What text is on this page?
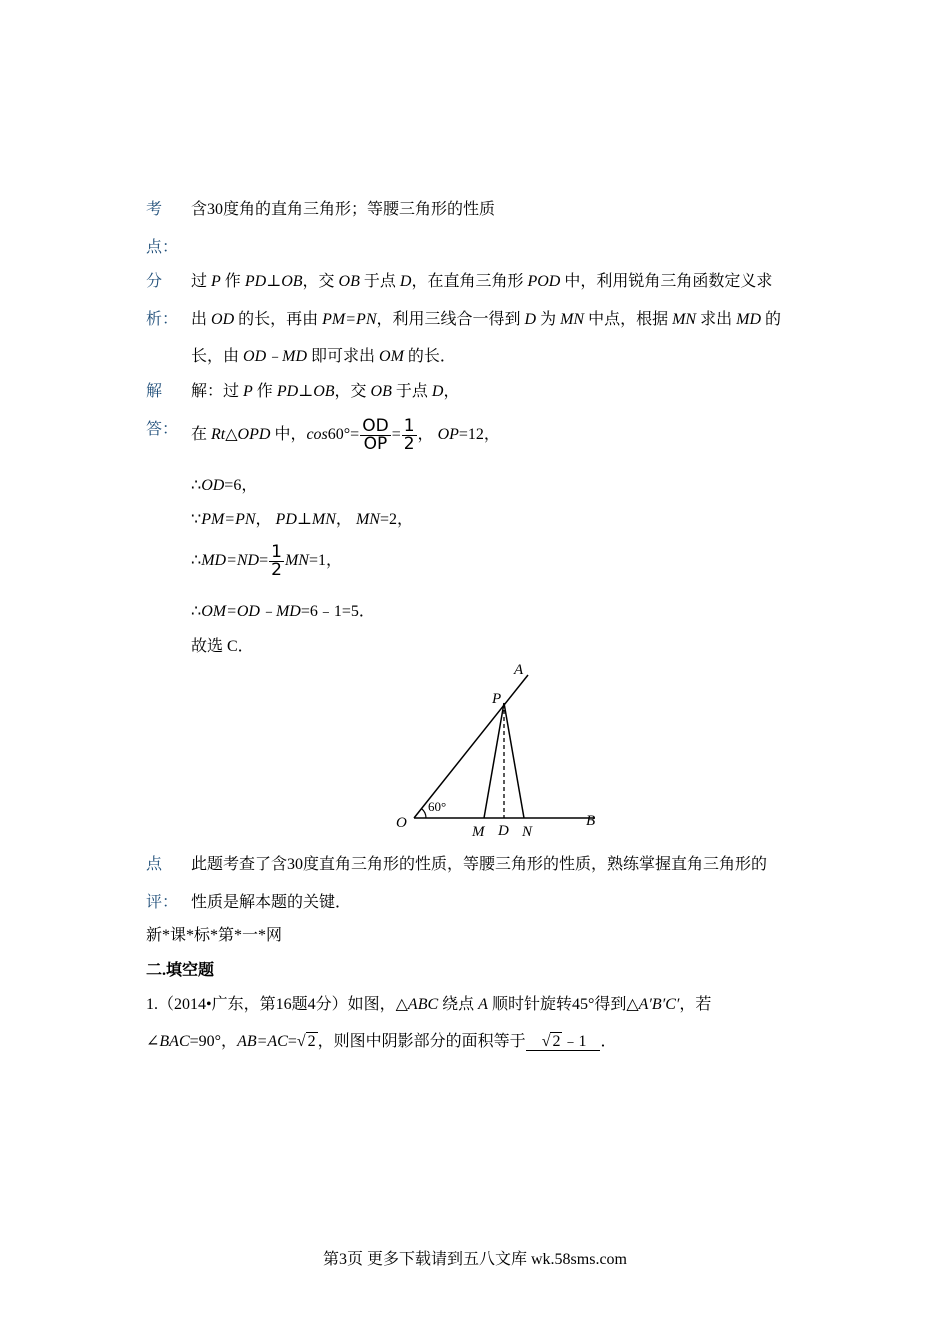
考
点：
含30度角的直角三角形；等腰三角形的性质
分
析：
过 P 作 PD⊥OB，交 OB 于点 D，在直角三角形 POD 中，利用锐角三角函数定义求
出 OD 的长，再由 PM=PN，利用三线合一得到 D 为 MN 中点，根据 MN 求出 MD 的
长，由 OD﹣MD 即可求出 OM 的长．
解
答：
解：过 P 作 PD⊥OB，交 OB 于点 D，
在 Rt△OPD 中，$\cos 60^\circ= \frac{OD}{OP} = \frac{1}{2}$ ， OP=12，
∴OD=6，
∵PM=PN， PD⊥MN， MN=2，
∴MD=ND= $\frac{1}{2} MN=1$，
∴OM=OD﹣MD=6﹣1=5．
故选 C．
A
P
O
60°
M D N
B
点
评：
此题考查了含30度直角三角形的性质，等腰三角形的性质，熟练掌握直角三角形的
性质是解本题的关键．
新*课*标*第*一*网
二.填空题
1.（2014•广东，第16题4分）如图，△ABC 绕点 A 顺时针旋转45°得到△A′B′C′，若
∠BAC=90°，AB=AC=√ 2 ，则图中阴影部分的面积等于 √ 2 ﹣1 ．
第3页 更多下载请到五八文库 wk.58sms.com
